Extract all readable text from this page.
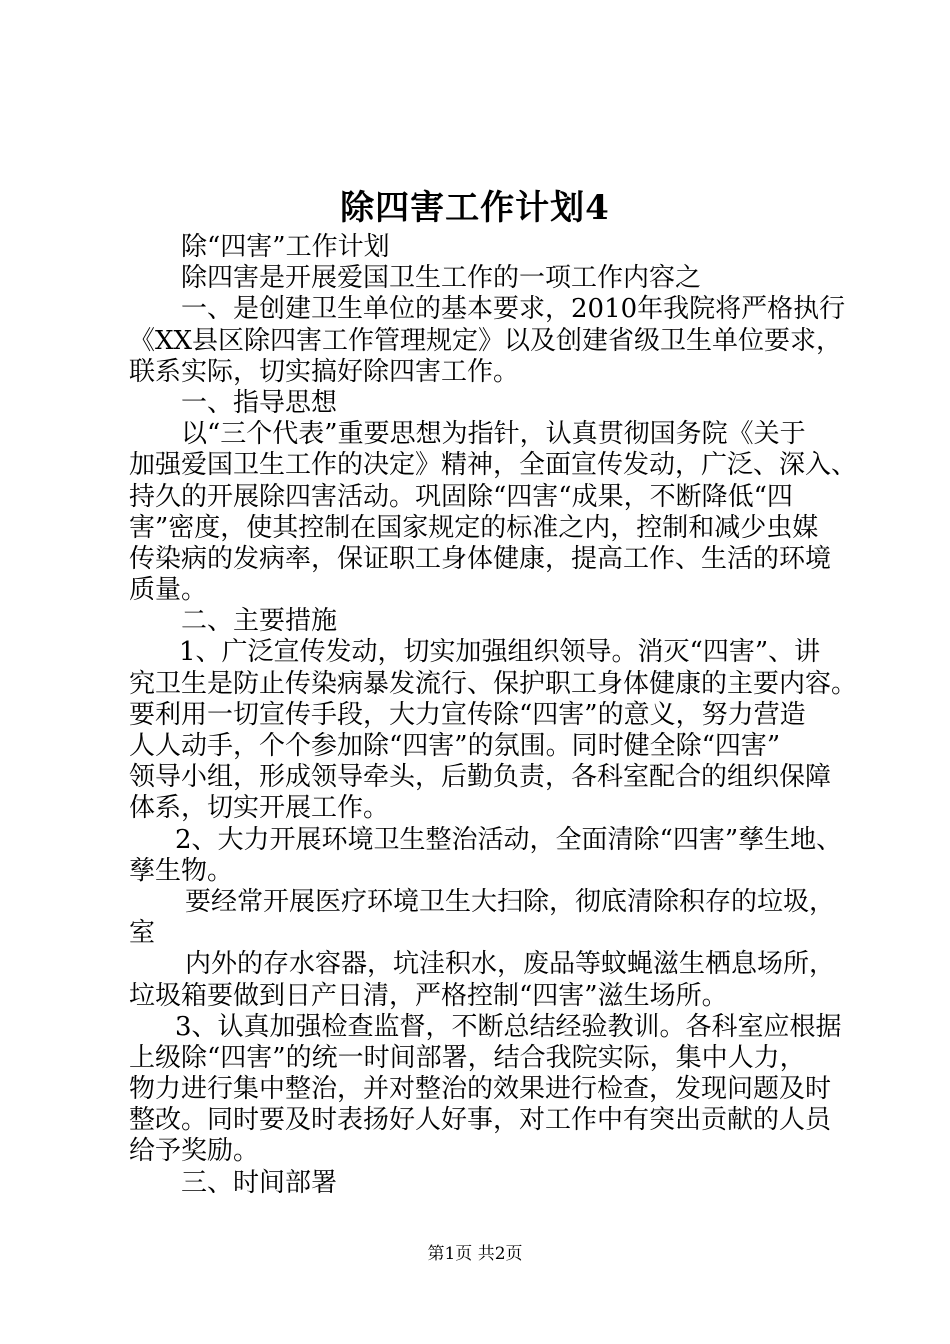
除四害工作计划4
除“四害”工作计划
除四害是开展爱国卫生工作的一项工作内容之
一、是创建卫生单位的基本要求，2010年我院将严格执行
《XX县区除四害工作管理规定》以及创建省级卫生单位要求，
联系实际，切实搞好除四害工作。
一、指导思想
以“三个代表”重要思想为指针，认真贯彻国务院《关于
加强爱国卫生工作的决定》精神，全面宣传发动，广泛、深入、
持久的开展除四害活动。巩固除“四害“成果，不断降低“四
害”密度，使其控制在国家规定的标准之内，控制和减少虫媒
传染病的发病率，保证职工身体健康，提高工作、生活的环境
质量。
二、主要措施
1、广泛宣传发动，切实加强组织领导。消灭“四害”、讲
究卫生是防止传染病暴发流行、保护职工身体健康的主要内容。
要利用一切宣传手段，大力宣传除“四害”的意义，努力营造
人人动手，个个参加除“四害”的氛围。同时健全除“四害”
领导小组，形成领导牵头，后勤负责，各科室配合的组织保障
体系，切实开展工作。
2、大力开展环境卫生整治活动，全面清除“四害”孳生地、
孳生物。
要经常开展医疗环境卫生大扫除，彻底清除积存的垃圾，
室
内外的存水容器，坑洼积水，废品等蚊蝇滋生栖息场所，
垃圾箱要做到日产日清，严格控制“四害”滋生场所。
3、认真加强检查监督，不断总结经验教训。各科室应根据
上级除“四害”的统一时间部署，结合我院实际，集中人力，
物力进行集中整治，并对整治的效果进行检查，发现问题及时
整改。同时要及时表扬好人好事，对工作中有突出贡献的人员
给予奖励。
三、时间部署
第1页 共2页
